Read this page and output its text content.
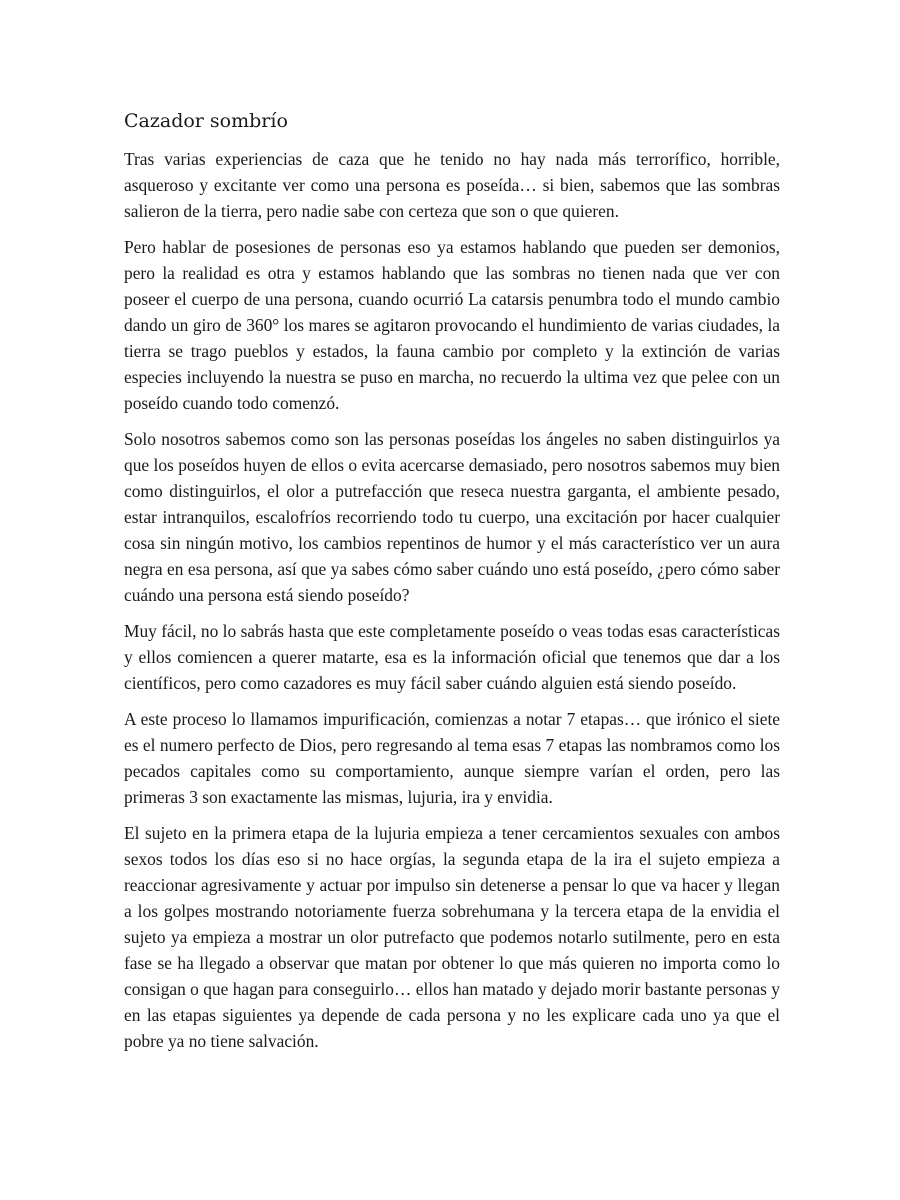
Cazador sombrío

Tras varias experiencias de caza que he tenido no hay nada más terrorífico, horrible, asqueroso y excitante ver como una persona es poseída… si bien, sabemos que las sombras salieron de la tierra, pero nadie sabe con certeza que son o que quieren.

Pero hablar de posesiones de personas eso ya estamos hablando que pueden ser demonios, pero la realidad es otra y estamos hablando que las sombras no tienen nada que ver con poseer el cuerpo de una persona, cuando ocurrió La catarsis penumbra todo el mundo cambio dando un giro de 360° los mares se agitaron provocando el hundimiento de varias ciudades, la tierra se trago pueblos y estados, la fauna cambio por completo y la extinción de varias especies incluyendo la nuestra se puso en marcha, no recuerdo la ultima vez que pelee con un poseído cuando todo comenzó.

Solo nosotros sabemos como son las personas poseídas los ángeles no saben distinguirlos ya que los poseídos huyen de ellos o evita acercarse demasiado, pero nosotros sabemos muy bien como distinguirlos, el olor a putrefacción que reseca nuestra garganta, el ambiente pesado, estar intranquilos, escalofríos recorriendo todo tu cuerpo, una excitación por hacer cualquier cosa sin ningún motivo, los cambios repentinos de humor y el más característico ver un aura negra en esa persona, así que ya sabes cómo saber cuándo uno está poseído, ¿pero cómo saber cuándo una persona está siendo poseído?

Muy fácil, no lo sabrás hasta que este completamente poseído o veas todas esas características y ellos comiencen a querer matarte, esa es la información oficial que tenemos que dar a los científicos, pero como cazadores es muy fácil saber cuándo alguien está siendo poseído.

A este proceso lo llamamos impurificación, comienzas a notar 7 etapas… que irónico el siete es el numero perfecto de Dios, pero regresando al tema esas 7 etapas las nombramos como los pecados capitales como su comportamiento, aunque siempre varían el orden, pero las primeras 3 son exactamente las mismas, lujuria, ira y envidia.

El sujeto en la primera etapa de la lujuria empieza a tener cercamientos sexuales con ambos sexos todos los días eso si no hace orgías, la segunda etapa de la ira el sujeto empieza a reaccionar agresivamente y actuar por impulso sin detenerse a pensar lo que va hacer y llegan a los golpes mostrando notoriamente fuerza sobrehumana y la tercera etapa de la envidia el sujeto ya empieza a mostrar un olor putrefacto que podemos notarlo sutilmente, pero en esta fase se ha llegado a observar que matan por obtener lo que más quieren no importa como lo consigan o que hagan para conseguirlo… ellos han matado y dejado morir bastante personas y en las etapas siguientes ya depende de cada persona y no les explicare cada uno ya que el pobre ya no tiene salvación.
